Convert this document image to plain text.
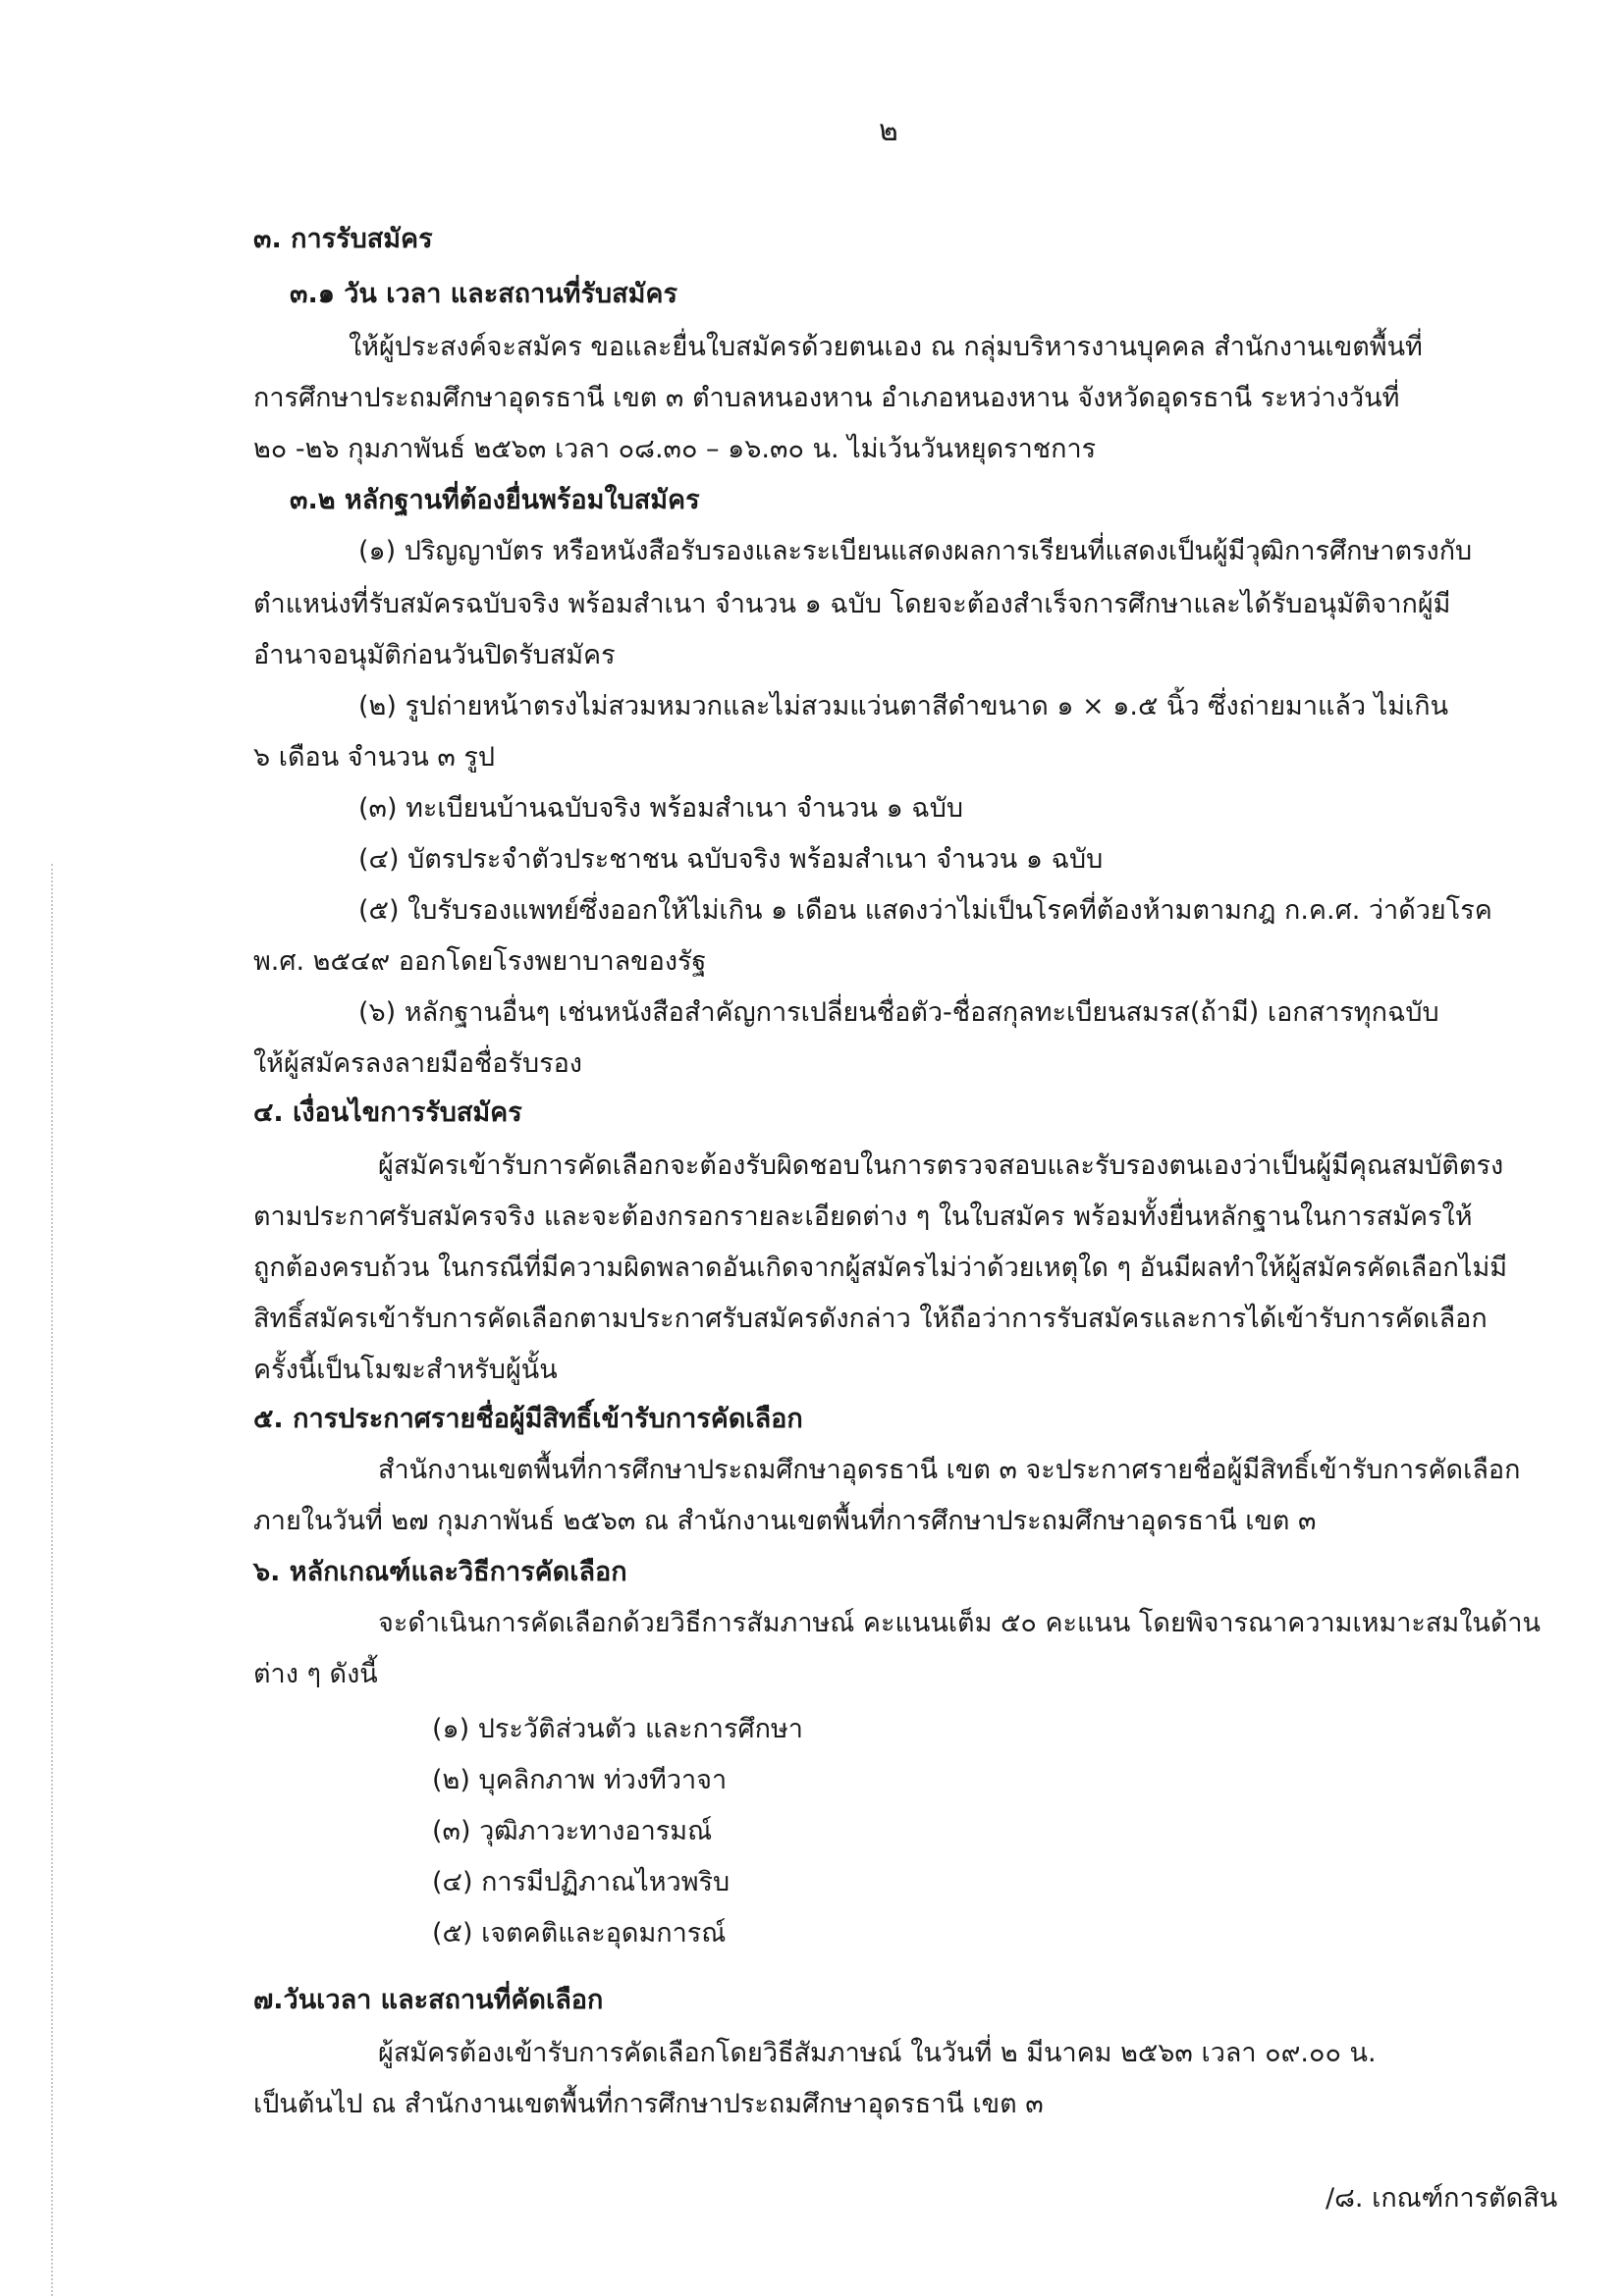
๒
๓. การรับสมัคร
๓.๑ วัน เวลา และสถานที่รับสมัคร
ให้ผู้ประสงค์จะสมัคร ขอและยื่นใบสมัครด้วยตนเอง ณ กลุ่มบริหารงานบุคคล สำนักงานเขตพื้นที่
การศึกษาประถมศึกษาอุดรธานี เขต ๓ ตำบลหนองหาน อำเภอหนองหาน จังหวัดอุดรธานี ระหว่างวันที่
๒๐ -๒๖ กุมภาพันธ์ ๒๕๖๓ เวลา ๐๘.๓๐ – ๑๖.๓๐ น. ไม่เว้นวันหยุดราชการ
๓.๒ หลักฐานที่ต้องยื่นพร้อมใบสมัคร
(๑) ปริญญาบัตร หรือหนังสือรับรองและระเบียนแสดงผลการเรียนที่แสดงเป็นผู้มีวุฒิการศึกษาตรงกับ
ตำแหน่งที่รับสมัครฉบับจริง พร้อมสำเนา จำนวน ๑ ฉบับ โดยจะต้องสำเร็จการศึกษาและได้รับอนุมัติจากผู้มี
อำนาจอนุมัติก่อนวันปิดรับสมัคร
(๒) รูปถ่ายหน้าตรงไม่สวมหมวกและไม่สวมแว่นตาสีดำขนาด ๑ × ๑.๕ นิ้ว ซึ่งถ่ายมาแล้ว ไม่เกิน
๖ เดือน จำนวน ๓ รูป
(๓) ทะเบียนบ้านฉบับจริง พร้อมสำเนา จำนวน ๑ ฉบับ
(๔) บัตรประจำตัวประชาชน ฉบับจริง พร้อมสำเนา จำนวน ๑ ฉบับ
(๕) ใบรับรองแพทย์ซึ่งออกให้ไม่เกิน ๑ เดือน แสดงว่าไม่เป็นโรคที่ต้องห้ามตามกฎ ก.ค.ศ. ว่าด้วยโรค
พ.ศ. ๒๕๔๙ ออกโดยโรงพยาบาลของรัฐ
(๖) หลักฐานอื่นๆ เช่นหนังสือสำคัญการเปลี่ยนชื่อตัว-ชื่อสกุลทะเบียนสมรส(ถ้ามี) เอกสารทุกฉบับ
ให้ผู้สมัครลงลายมือชื่อรับรอง
๔. เงื่อนไขการรับสมัคร
ผู้สมัครเข้ารับการคัดเลือกจะต้องรับผิดชอบในการตรวจสอบและรับรองตนเองว่าเป็นผู้มีคุณสมบัติตรง
ตามประกาศรับสมัครจริง และจะต้องกรอกรายละเอียดต่าง ๆ ในใบสมัคร พร้อมทั้งยื่นหลักฐานในการสมัครให้
ถูกต้องครบถ้วน ในกรณีที่มีความผิดพลาดอันเกิดจากผู้สมัครไม่ว่าด้วยเหตุใด ๆ อันมีผลทำให้ผู้สมัครคัดเลือกไม่มี
สิทธิ์สมัครเข้ารับการคัดเลือกตามประกาศรับสมัครดังกล่าว ให้ถือว่าการรับสมัครและการได้เข้ารับการคัดเลือก
ครั้งนี้เป็นโมฆะสำหรับผู้นั้น
๕. การประกาศรายชื่อผู้มีสิทธิ์เข้ารับการคัดเลือก
สำนักงานเขตพื้นที่การศึกษาประถมศึกษาอุดรธานี เขต ๓ จะประกาศรายชื่อผู้มีสิทธิ์เข้ารับการคัดเลือก
ภายในวันที่ ๒๗ กุมภาพันธ์ ๒๕๖๓ ณ สำนักงานเขตพื้นที่การศึกษาประถมศึกษาอุดรธานี เขต ๓
๖. หลักเกณฑ์และวิธีการคัดเลือก
จะดำเนินการคัดเลือกด้วยวิธีการสัมภาษณ์ คะแนนเต็ม ๕๐ คะแนน โดยพิจารณาความเหมาะสมในด้าน
ต่าง ๆ ดังนี้
(๑) ประวัติส่วนตัว และการศึกษา
(๒) บุคลิกภาพ ท่วงทีวาจา
(๓) วุฒิภาวะทางอารมณ์
(๔) การมีปฏิภาณไหวพริบ
(๕) เจตคติและอุดมการณ์
๗.วันเวลา และสถานที่คัดเลือก
ผู้สมัครต้องเข้ารับการคัดเลือกโดยวิธีสัมภาษณ์ ในวันที่ ๒ มีนาคม ๒๕๖๓ เวลา ๐๙.๐๐ น.
เป็นต้นไป ณ สำนักงานเขตพื้นที่การศึกษาประถมศึกษาอุดรธานี เขต ๓
/๘. เกณฑ์การตัดสิน
